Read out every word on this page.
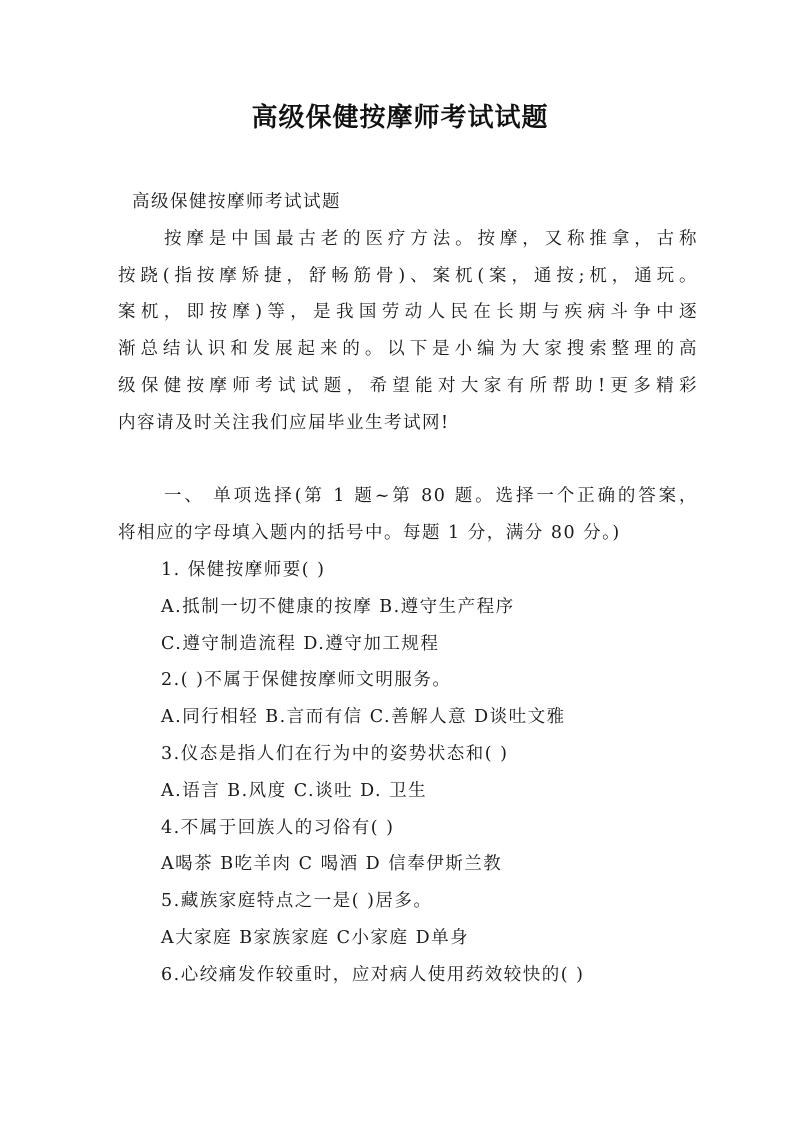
高级保健按摩师考试试题
高级保健按摩师考试试题
按摩是中国最古老的医疗方法。按摩，又称推拿，古称
按跷(指按摩矫捷，舒畅筋骨)、案杌(案，通按;杌，通玩。
案杌，即按摩)等，是我国劳动人民在长期与疾病斗争中逐
渐总结认识和发展起来的。以下是小编为大家搜索整理的高
级保健按摩师考试试题，希望能对大家有所帮助!更多精彩
内容请及时关注我们应届毕业生考试网!
一、 单项选择(第 1 题~第 80 题。选择一个正确的答案，
将相应的字母填入题内的括号中。每题 1 分，满分 80 分。)
1. 保健按摩师要( )
A.抵制一切不健康的按摩 B.遵守生产程序
C.遵守制造流程 D.遵守加工规程
2.( )不属于保健按摩师文明服务。
A.同行相轻 B.言而有信 C.善解人意 D谈吐文雅
3.仪态是指人们在行为中的姿势状态和( )
A.语言 B.风度 C.谈吐 D. 卫生
4.不属于回族人的习俗有( )
A喝茶 B吃羊肉 C 喝酒 D 信奉伊斯兰教
5.藏族家庭特点之一是( )居多。
A大家庭 B家族家庭 C小家庭 D单身
6.心绞痛发作较重时，应对病人使用药效较快的( )
